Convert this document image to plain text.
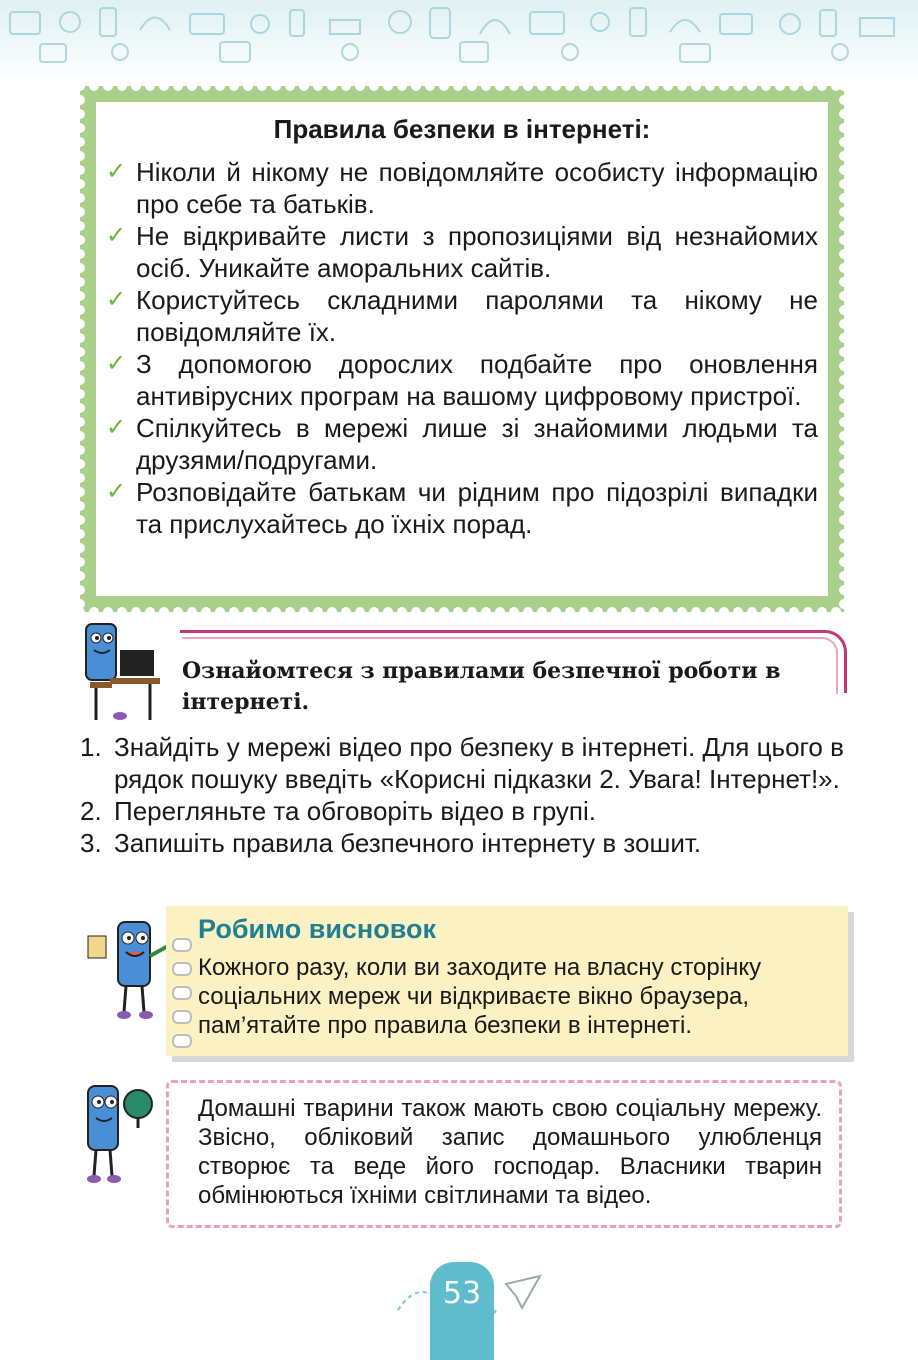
Правила безпеки в інтернеті:
✓ Ніколи й нікому не повідомляйте особисту інформацію про себе та батьків.
✓ Не відкривайте листи з пропозиціями від незнайомих осіб. Уникайте аморальних сайтів.
✓ Користуйтесь складними паролями та нікому не повідомляйте їх.
✓ З допомогою дорослих подбайте про оновлення антивірусних програм на вашому цифровому пристрої.
✓ Спілкуйтесь в мережі лише зі знайомими людьми та друзями/подругами.
✓ Розповідайте батькам чи рідним про підозрілі випадки та прислухайтесь до їхніх порад.
Ознайомтеся з правилами безпечної роботи в інтернеті.
1. Знайдіть у мережі відео про безпеку в інтернеті. Для цього в рядок пошуку введіть «Корисні підказки 2. Увага! Інтернет!».
2. Перегляньте та обговоріть відео в групі.
3. Запишіть правила безпечного інтернету в зошит.
Робимо висновок
Кожного разу, коли ви заходите на власну сторінку соціальних мереж чи відкриваєте вікно браузера, пам’ятайте про правила безпеки в інтернеті.
Домашні тварини також мають свою соціальну мережу. Звісно, обліковий запис домашнього улюбленця створює та веде його господар. Власники тварин обмінюються їхніми світлинами та відео.
53
